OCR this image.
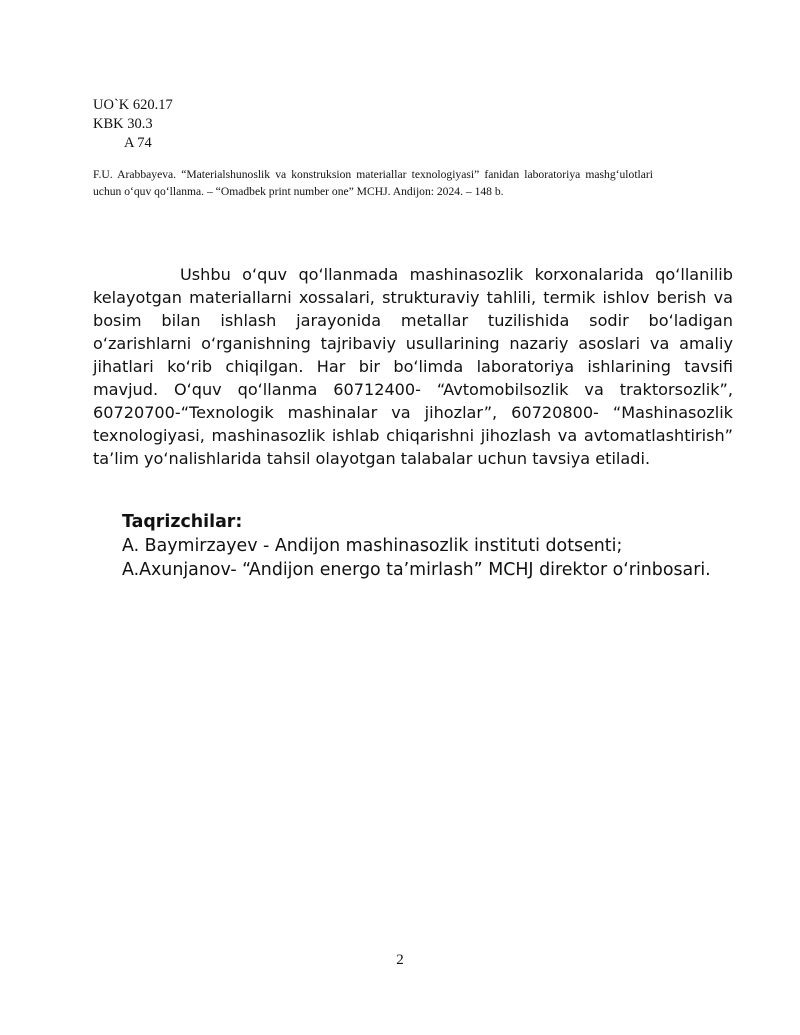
UO`K 620.17
KBK 30.3
A 74
F.U. Arabbayeva. “Materialshunoslik va konstruksion materiallar texnologiyasi” fanidan laboratoriya mashg‘ulotlari uchun o‘quv qo‘llanma. – “Omadbek print number one” MCHJ. Andijon: 2024. – 148 b.

Ushbu o‘quv qo‘llanmada mashinasozlik korxonalarida qo‘llanilib kelayotgan materiallarni xossalari, strukturaviy tahlili, termik ishlov berish va bosim bilan ishlash jarayonida metallar tuzilishida sodir bo‘ladigan o‘zarishlarni o‘rganishning tajribaviy usullarining nazariy asoslari va amaliy jihatlari ko‘rib chiqilgan. Har bir bo‘limda laboratoriya ishlarining tavsifi mavjud. O‘quv qo‘llanma 60712400- “Avtomobilsozlik va traktorsozlik”, 60720700-“Texnologik mashinalar va jihozlar”, 60720800- “Mashinasozlik texnologiyasi, mashinasozlik ishlab chiqarishni jihozlash va avtomatlashtirish” ta’lim yo‘nalishlarida tahsil olayotgan talabalar uchun tavsiya etiladi.

Taqrizchilar:
A. Baymirzayev - Andijon mashinasozlik instituti dotsenti;
A.Axunjanov- “Andijon energo ta’mirlash” MCHJ direktor o‘rinbosari.
2
